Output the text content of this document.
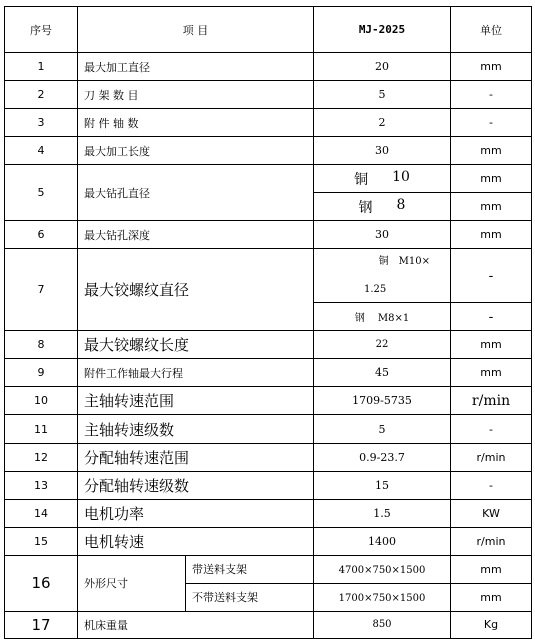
序号	项 目		MJ-2025	单位
1	最大加工直径		20	mm
2	刀 架 数 目		5	-
3	附 件 轴 数		2	-
4	最大加工长度		30	mm
5	最大钻孔直径		铜 10	mm

			钢 8	mm
6	最大钻孔深度		30	mm
7	最大铰螺纹直径		铜　M10×
1.25	-
			钢　 M8×1	-
8	最大铰螺纹长度		22	mm
9	附件工作轴最大行程		45	mm
10	主轴转速范围		1709-5735	r/min
11	主轴转速级数		5	-
12	分配轴转速范围		0.9-23.7	r/min
13	分配轴转速级数		15	-
14	电机功率		1.5	KW
15	电机转速		1400	r/min
16	外形尺寸	带送料支架	4700×750×1500	mm
		不带送料支架	1700×750×1500	mm
17	机床重量		850	Kg
